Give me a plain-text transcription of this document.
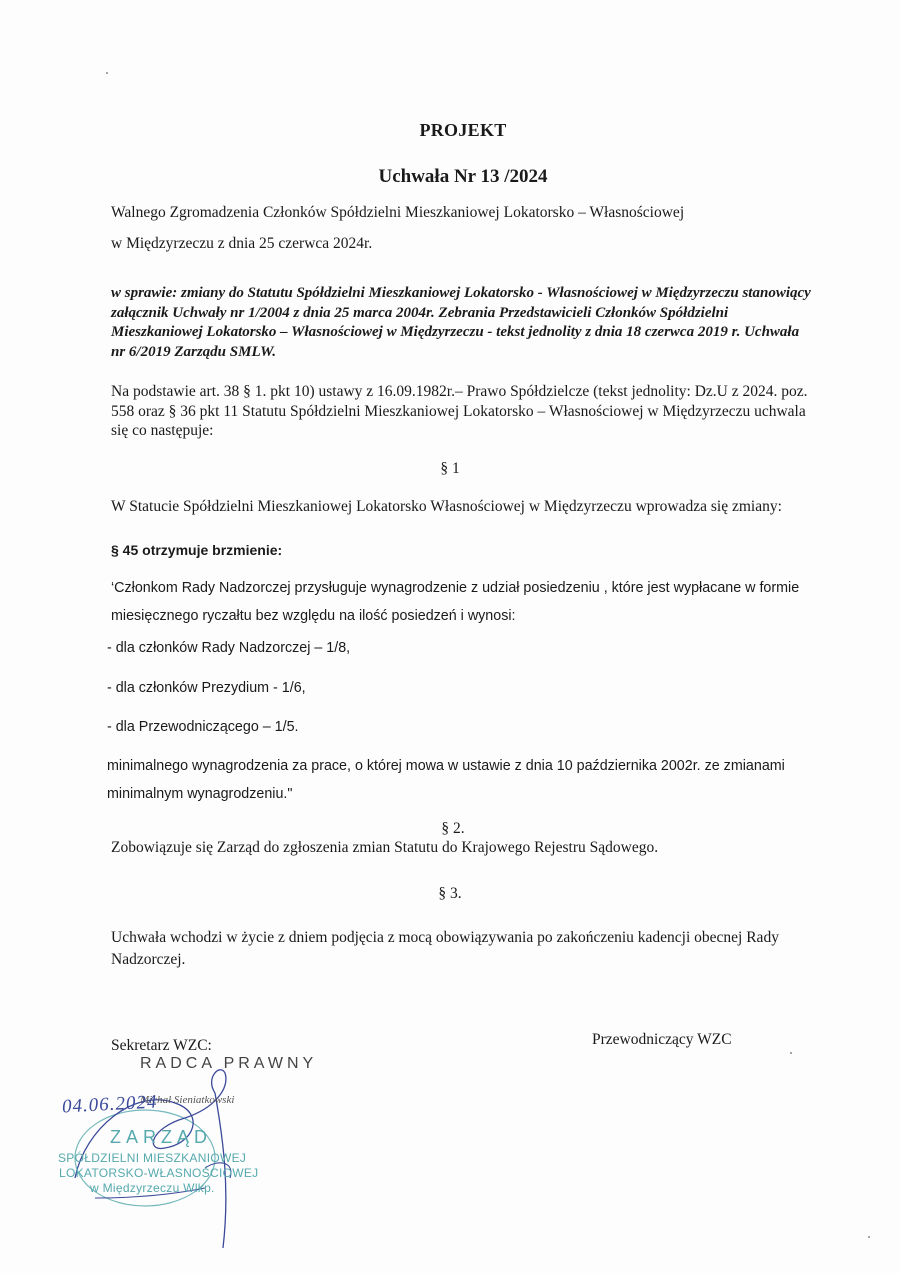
PROJEKT

Uchwała Nr 13 /2024

Walnego Zgromadzenia Członków Spółdzielni Mieszkaniowej Lokatorsko – Własnościowej
w Międzyrzeczu z dnia 25 czerwca 2024r.

w sprawie: zmiany do Statutu Spółdzielni Mieszkaniowej Lokatorsko - Własnościowej w Międzyrzeczu stanowiący załącznik Uchwały nr 1/2004 z dnia 25 marca 2004r. Zebrania Przedstawicieli Członków Spółdzielni Mieszkaniowej Lokatorsko – Własnościowej w Międzyrzeczu - tekst jednolity z dnia 18 czerwca 2019 r. Uchwała nr 6/2019 Zarządu SMLW.

Na podstawie art. 38 § 1. pkt 10) ustawy z 16.09.1982r.– Prawo Spółdzielcze (tekst jednolity: Dz.U z 2024. poz. 558 oraz § 36 pkt 11 Statutu Spółdzielni Mieszkaniowej Lokatorsko – Własnościowej w Międzyrzeczu uchwala się co następuje:

§ 1

W Statucie Spółdzielni Mieszkaniowej Lokatorsko Własnościowej w Międzyrzeczu wprowadza się zmiany:

§ 45 otrzymuje brzmienie:

‘Członkom Rady Nadzorczej przysługuje wynagrodzenie z udział posiedzeniu , które jest wypłacane w formie miesięcznego ryczałtu bez względu na ilość posiedzeń i wynosi:

- dla członków Rady Nadzorczej – 1/8,

- dla członków Prezydium - 1/6,

- dla Przewodniczącego – 1/5.

minimalnego wynagrodzenia za prace, o której mowa w ustawie z dnia 10 października 2002r. ze zmianami minimalnym wynagrodzeniu."

§ 2.

Zobowiązuje się Zarząd do zgłoszenia zmian Statutu do Krajowego Rejestru Sądowego.

§ 3.

Uchwała wchodzi w życie z dniem podjęcia z mocą obowiązywania po zakończeniu kadencji obecnej Rady Nadzorczej.

Sekretarz WZC:	Przewodniczący WZC

RADCA PRAWNY
Michał Sieniatkowski
04.06.2024
ZARZĄD
SPÓŁDZIELNI MIESZKANIOWEJ
LOKATORSKO-WŁASNOŚCIOWEJ
w Międzyrzeczu Wlkp.
